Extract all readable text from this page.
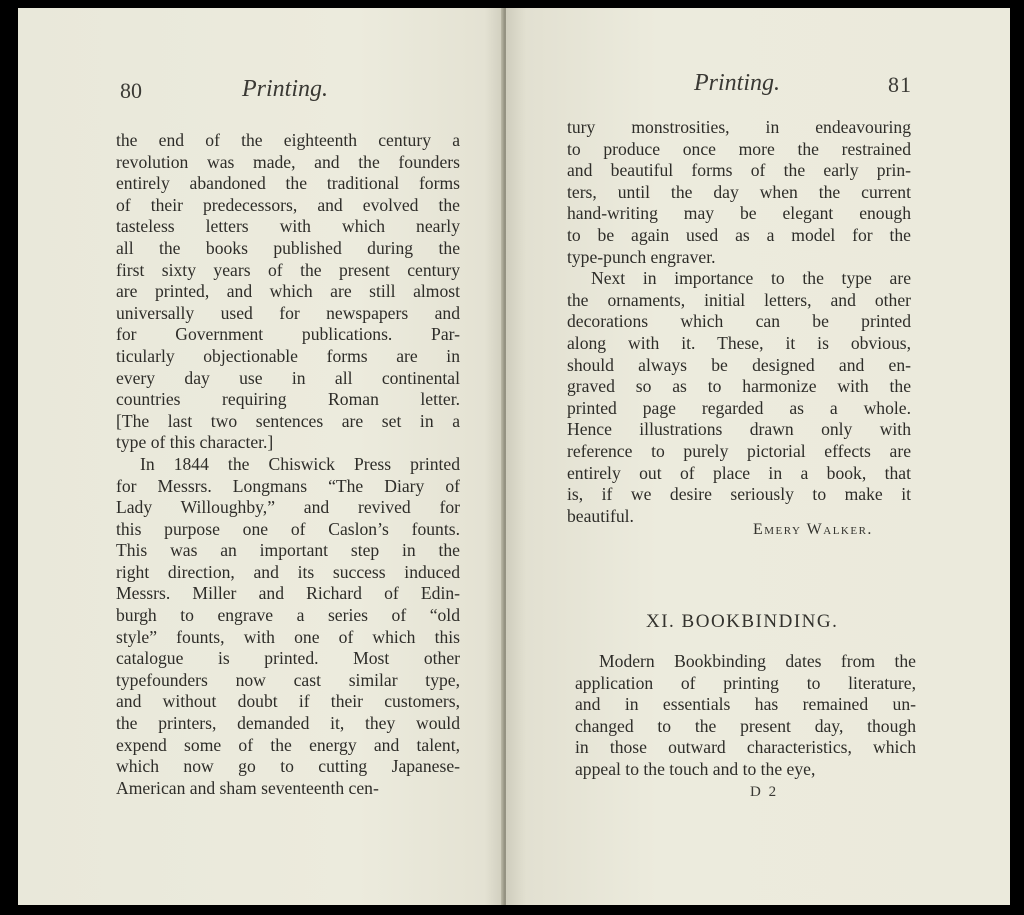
80	Printing.
the end of the eighteenth century a
revolution was made, and the founders
entirely abandoned the traditional forms
of their predecessors, and evolved the
tasteless letters with which nearly
all the books published during the
first sixty years of the present century
are printed, and which are still almost
universally used for newspapers and
for Government publications. Par-
ticularly objectionable forms are in
every day use in all continental
countries requiring Roman letter.
[The last two sentences are set in a
type of this character.]
In 1844 the Chiswick Press printed
for Messrs. Longmans “The Diary of
Lady Willoughby,” and revived for
this purpose one of Caslon’s founts.
This was an important step in the
right direction, and its success induced
Messrs. Miller and Richard of Edin-
burgh to engrave a series of “old
style” founts, with one of which this
catalogue is printed. Most other
typefounders now cast similar type,
and without doubt if their customers,
the printers, demanded it, they would
expend some of the energy and talent,
which now go to cutting Japanese-
American and sham seventeenth cen-
Printing.	81
tury monstrosities, in endeavouring
to produce once more the restrained
and beautiful forms of the early prin-
ters, until the day when the current
hand-writing may be elegant enough
to be again used as a model for the
type-punch engraver.
Next in importance to the type are
the ornaments, initial letters, and other
decorations which can be printed
along with it. These, it is obvious,
should always be designed and en-
graved so as to harmonize with the
printed page regarded as a whole.
Hence illustrations drawn only with
reference to purely pictorial effects are
entirely out of place in a book, that
is, if we desire seriously to make it
beautiful.
Modern Bookbinding dates from the
application of printing to literature,
and in essentials has remained un-
changed to the present day, though
in those outward characteristics, which
appeal to the touch and to the eye,
Emery Walker.
XI. BOOKBINDING.
D 2
